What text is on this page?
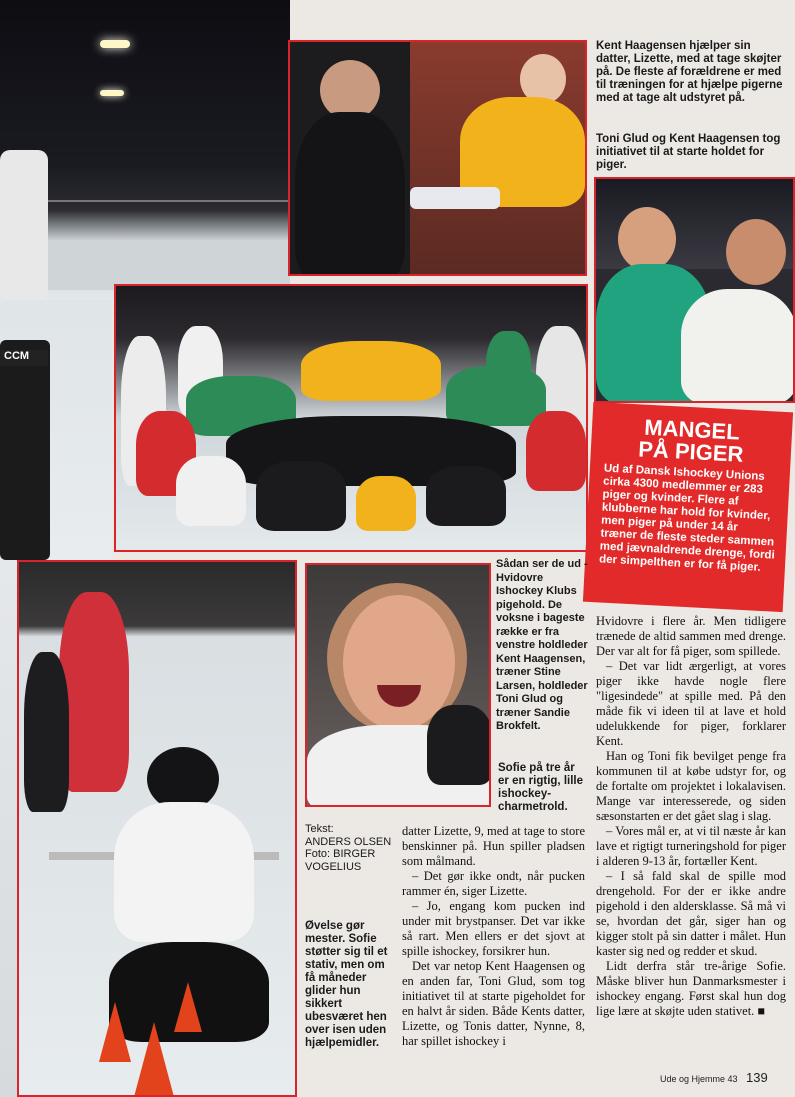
CCM
Kent Haagensen hjælper sin datter, Lizette, med at tage skøjter på. De fleste af forældrene er med til træningen for at hjælpe pigerne med at tage alt udstyret på.
Toni Glud og Kent Haagensen tog initiativet til at starte holdet for piger.
MANGEL
PÅ PIGER
Ud af Dansk Ishockey Unions cirka 4300 medlemmer er 283 piger og kvinder. Flere af klubberne har hold for kvinder, men piger på under 14 år træner de fleste steder sammen med jævnaldrende drenge, fordi der simpelthen er for få piger.
Sådan ser de ud - Hvidovre Ishockey Klubs pigehold. De voksne i bageste række er fra venstre holdleder Kent Haagensen, træner Stine Larsen, holdleder Toni Glud og træner Sandie Brokfelt.
Sofie på tre år er en rigtig, lille ishockey-charmetrold.
Tekst:
ANDERS OLSEN
Foto: BIRGER VOGELIUS
Øvelse gør mester. Sofie støtter sig til et stativ, men om få måneder glider hun sikkert ubesværet hen over isen uden hjælpemidler.

datter Lizette, 9, med at tage to store benskinner på. Hun spiller pladsen som målmand.

– Det gør ikke ondt, når pucken rammer én, siger Lizette.

– Jo, engang kom pucken ind under mit brystpanser. Det var ikke så rart. Men ellers er det sjovt at spille ishockey, forsikrer hun.

Det var netop Kent Haagensen og en anden far, Toni Glud, som tog initiativet til at starte pigeholdet for en halvt år siden. Både Kents datter, Lizette, og Tonis datter, Nynne, 8, har spillet ishockey i

Hvidovre i flere år. Men tidligere trænede de altid sammen med drenge. Der var alt for få piger, som spillede.

– Det var lidt ærgerligt, at vores piger ikke havde nogle flere "ligesindede" at spille med. På den måde fik vi ideen til at lave et hold udelukkende for piger, forklarer Kent.

Han og Toni fik bevilget penge fra kommunen til at købe udstyr for, og de fortalte om projektet i lokalavisen. Mange var interesserede, og siden sæsonstarten er det gået slag i slag.

– Vores mål er, at vi til næste år kan lave et rigtigt turneringshold for piger i alderen 9-13 år, fortæller Kent.

– I så fald skal de spille mod drengehold. For der er ikke andre pigehold i den aldersklasse. Så må vi se, hvordan det går, siger han og kigger stolt på sin datter i målet. Hun kaster sig ned og redder et skud.

Lidt derfra står tre-årige Sofie. Måske bliver hun Danmarksmester i ishockey engang. Først skal hun dog lige lære at skøjte uden stativet. ■

Ude og Hjemme 43 139
